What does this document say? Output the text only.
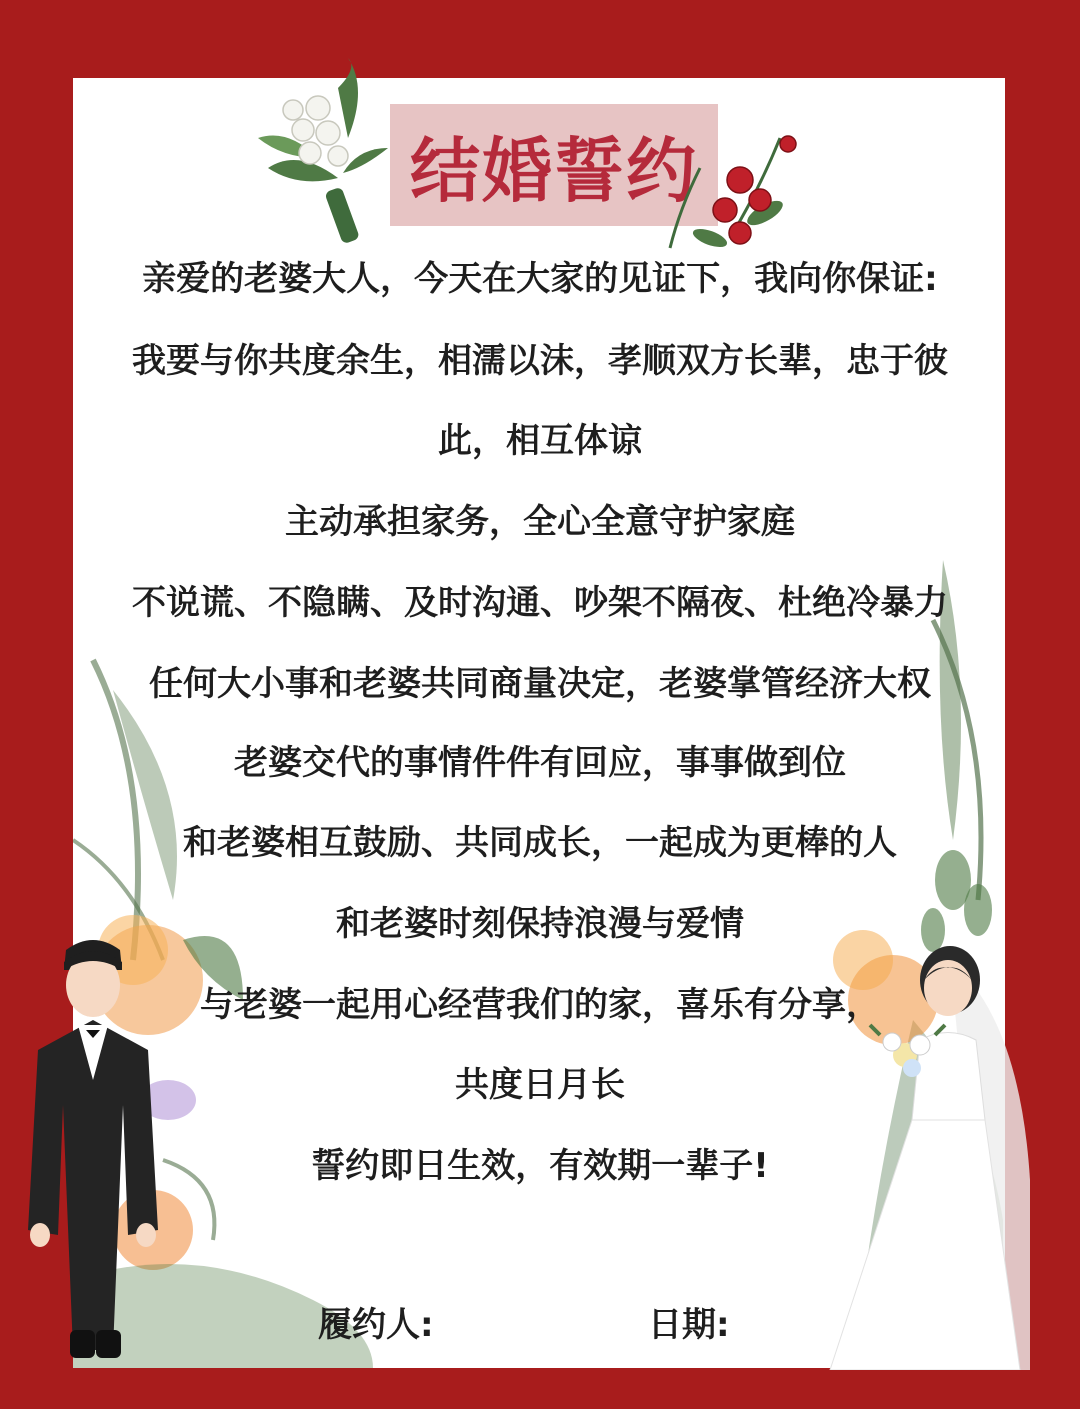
结婚誓约
亲爱的老婆大人，今天在大家的见证下，我向你保证:
我要与你共度余生，相濡以沫，孝顺双方长辈，忠于彼
此，相互体谅
主动承担家务，全心全意守护家庭
不说谎、不隐瞒、及时沟通、吵架不隔夜、杜绝冷暴力
任何大小事和老婆共同商量决定，老婆掌管经济大权
老婆交代的事情件件有回应，事事做到位
和老婆相互鼓励、共同成长，一起成为更棒的人
和老婆时刻保持浪漫与爱情
与老婆一起用心经营我们的家，喜乐有分享，
共度日月长
誓约即日生效，有效期一辈子!
履约人:	日期:
